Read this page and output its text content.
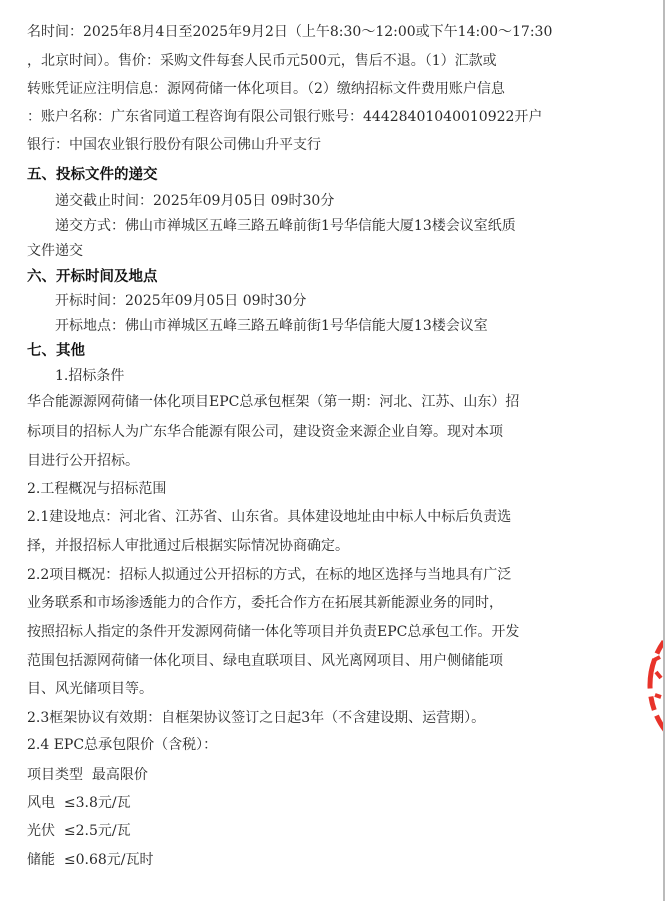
名时间：2025年8月4日至2025年9月2日（上午8:30～12:00或下午14:00～17:30
，北京时间）。售价：采购文件每套人民币元500元，售后不退。（1）汇款或
转账凭证应注明信息：源网荷储一体化项目。（2）缴纳招标文件费用账户信息
：账户名称：广东省同道工程咨询有限公司银行账号：44428401040010922开户
银行：中国农业银行股份有限公司佛山升平支行
五、投标文件的递交
递交截止时间：2025年09月05日 09时30分
递交方式：佛山市禅城区五峰三路五峰前街1号华信能大厦13楼会议室纸质
文件递交
六、开标时间及地点
开标时间：2025年09月05日 09时30分
开标地点：佛山市禅城区五峰三路五峰前街1号华信能大厦13楼会议室
七、其他
1.招标条件
华合能源源网荷储一体化项目EPC总承包框架（第一期：河北、江苏、山东）招
标项目的招标人为广东华合能源有限公司，建设资金来源企业自筹。现对本项
目进行公开招标。
2.工程概况与招标范围
2.1建设地点：河北省、江苏省、山东省。具体建设地址由中标人中标后负责选
择，并报招标人审批通过后根据实际情况协商确定。
2.2项目概况：招标人拟通过公开招标的方式，在标的地区选择与当地具有广泛
业务联系和市场渗透能力的合作方，委托合作方在拓展其新能源业务的同时，
按照招标人指定的条件开发源网荷储一体化等项目并负责EPC总承包工作。开发
范围包括源网荷储一体化项目、绿电直联项目、风光离网项目、用户侧储能项
目、风光储项目等。
2.3框架协议有效期：自框架协议签订之日起3年（不含建设期、运营期）。
2.4 EPC总承包限价（含税）：
项目类型  最高限价
风电  ≤3.8元/瓦
光伏  ≤2.5元/瓦
储能  ≤0.68元/瓦时
